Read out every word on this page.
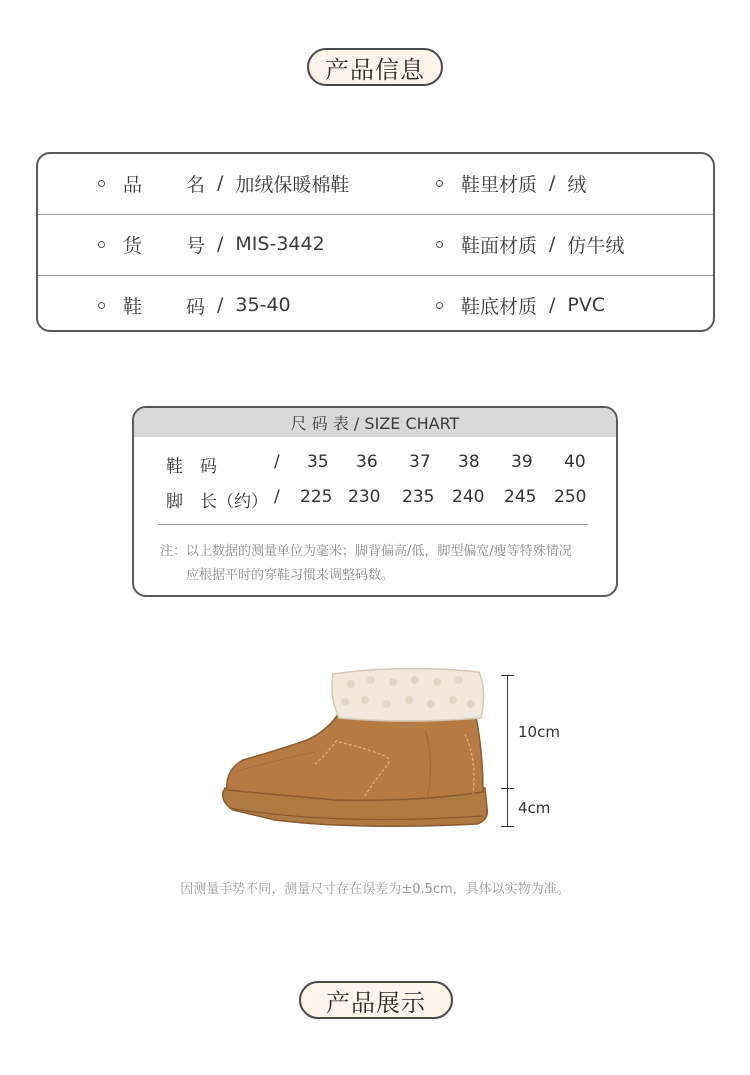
产品信息
品　　名 / 加绒保暖棉鞋	鞋里材质 / 绒
货　　号 / MIS-3442	鞋面材质 / 仿牛绒
鞋　　码 / 35-40	鞋底材质 / PVC
尺 码 表 / SIZE CHART
鞋　码	/ 35 36 37 38 39 40
脚　长（约） / 225 230 235 240 245 250
注：以上数据的测量单位为毫米；脚背偏高/低，脚型偏宽/瘦等特殊情况
应根据平时的穿鞋习惯来调整码数。
10cm
4cm
因测量手势不同，测量尺寸存在误差为±0.5cm，具体以实物为准。
产品展示
